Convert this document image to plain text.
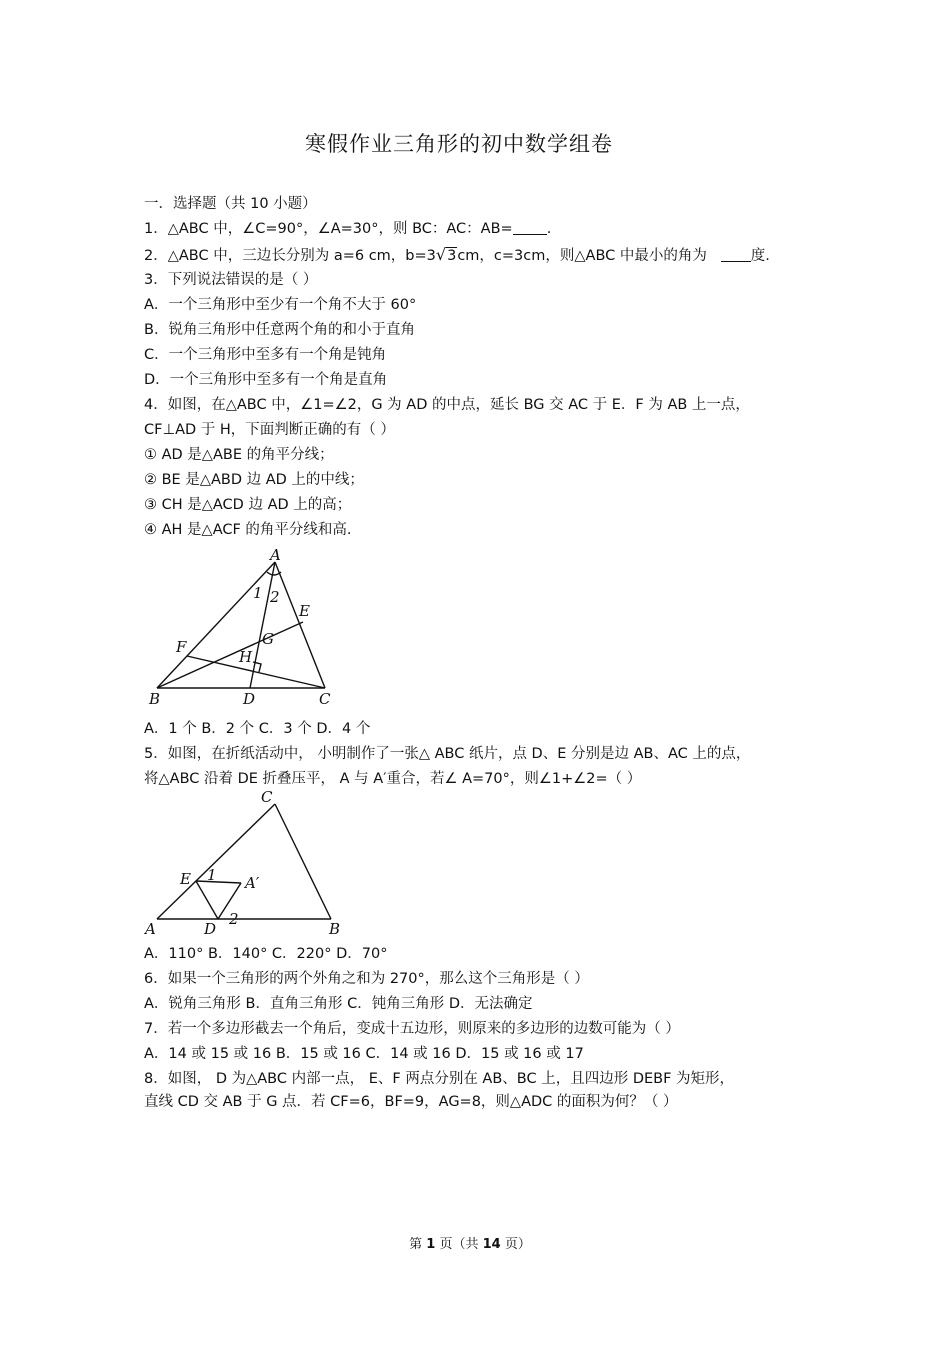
寒假作业三角形的初中数学组卷
一．选择题（共 10 小题）
1．△ABC 中，∠C=90°，∠A=30°，则 BC：AC：AB= .
2．△ABC 中，三边长分别为 a=6 cm，b=3√3cm，c=3cm，则△ABC 中最小的角为	度.
3．下列说法错误的是（ ）
A．一个三角形中至少有一个角不大于 60°
B．锐角三角形中任意两个角的和小于直角
C．一个三角形中至多有一个角是钝角
D．一个三角形中至多有一个角是直角
4．如图，在△ABC 中，∠1=∠2，G 为 AD 的中点，延长 BG 交 AC 于 E．F 为 AB 上一点，
CF⊥AD 于 H，下面判断正确的有（ ）
① AD 是△ABE 的角平分线；
② BE 是△ABD 边 AD 上的中线；
③ CH 是△ACD 边 AD 上的高；
④ AH 是△ACF 的角平分线和高.
A
B	C
D
E
F	G
H
1 2
A．1 个 B．2 个 C．3 个 D．4 个
5．如图，在折纸活动中， 小明制作了一张△ ABC 纸片，点 D、E 分别是边 AB、AC 上的点，
将△ABC 沿着 DE 折叠压平， A 与 A′重合，若∠ A=70°，则∠1+∠2=（ ）
C
A	B
D
E	A′
1
2
A．110° B．140° C．220° D．70°
6．如果一个三角形的两个外角之和为 270°，那么这个三角形是（ ）
A．锐角三角形 B．直角三角形 C．钝角三角形 D．无法确定
7．若一个多边形截去一个角后，变成十五边形，则原来的多边形的边数可能为（ ）
A．14 或 15 或 16 B．15 或 16 C．14 或 16 D．15 或 16 或 17
8．如图， D 为△ABC 内部一点， E、F 两点分别在 AB、BC 上，且四边形 DEBF 为矩形，
直线 CD 交 AB 于 G 点．若 CF=6，BF=9，AG=8，则△ADC 的面积为何？（ ）
第 1 页（共 14 页）
